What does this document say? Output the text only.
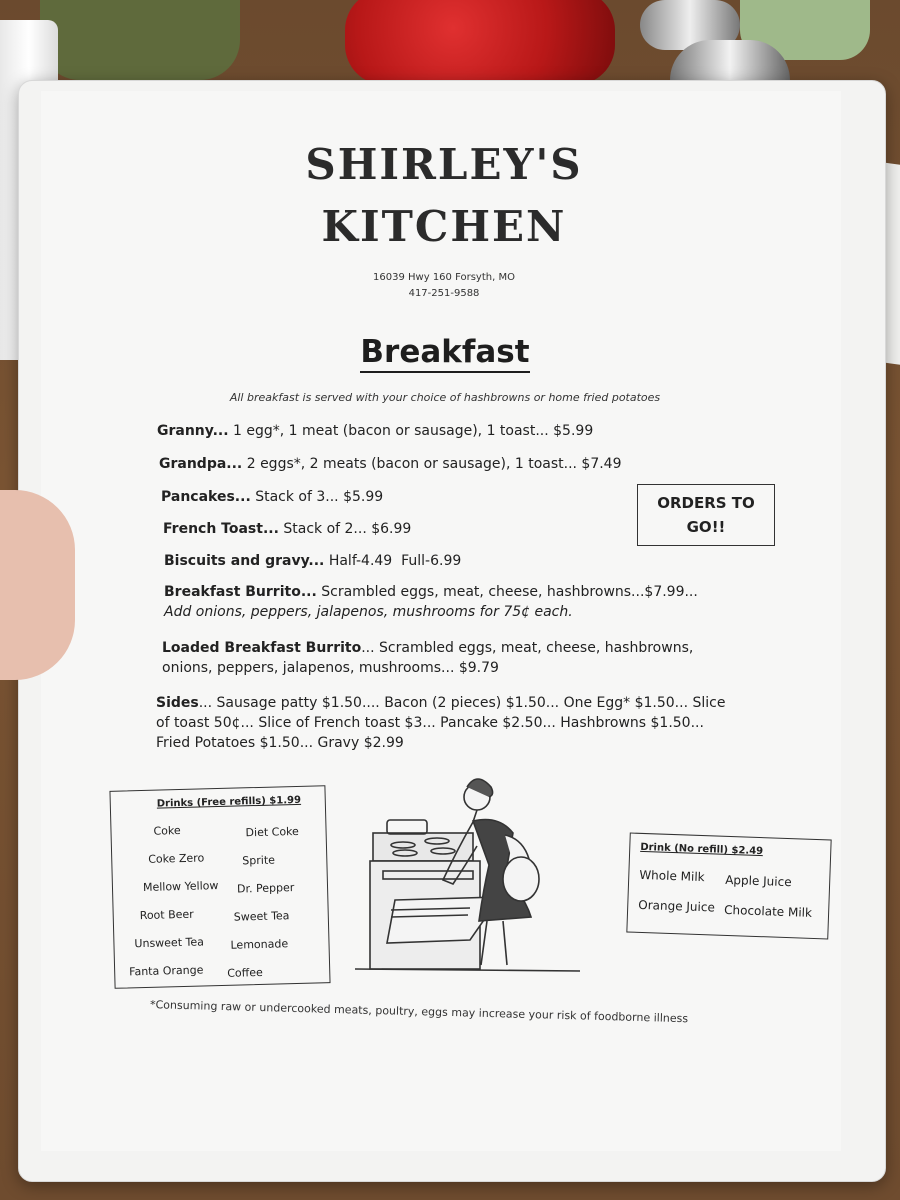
SHIRLEY'S
KITCHEN
16039 Hwy 160 Forsyth, MO
417-251-9588
Breakfast
All breakfast is served with your choice of hashbrowns or home fried potatoes
Granny... 1 egg*, 1 meat (bacon or sausage), 1 toast... $5.99
Grandpa... 2 eggs*, 2 meats (bacon or sausage), 1 toast... $7.49
Pancakes... Stack of 3... $5.99
French Toast... Stack of 2... $6.99
Biscuits and gravy... Half-4.49  Full-6.99
Breakfast Burrito... Scrambled eggs, meat, cheese, hashbrowns...$7.99... Add onions, peppers, jalapenos, mushrooms for 75¢ each.
Loaded Breakfast Burrito... Scrambled eggs, meat, cheese, hashbrowns, onions, peppers, jalapenos, mushrooms... $9.79
Sides... Sausage patty $1.50.... Bacon (2 pieces) $1.50... One Egg* $1.50... Slice of toast 50¢... Slice of French toast $3... Pancake $2.50... Hashbrowns $1.50... Fried Potatoes $1.50... Gravy $2.99
ORDERS TO
GO!!
Drinks (Free refills) $1.99
Coke
Coke Zero
Mellow Yellow
Root Beer
Unsweet Tea
Fanta Orange
Diet Coke
Sprite
Dr. Pepper
Sweet Tea
Lemonade
Coffee
Drink (No refill) $2.49
Whole Milk
Orange Juice
Apple Juice
Chocolate Milk
*Consuming raw or undercooked meats, poultry, eggs may increase your risk of foodborne illness
